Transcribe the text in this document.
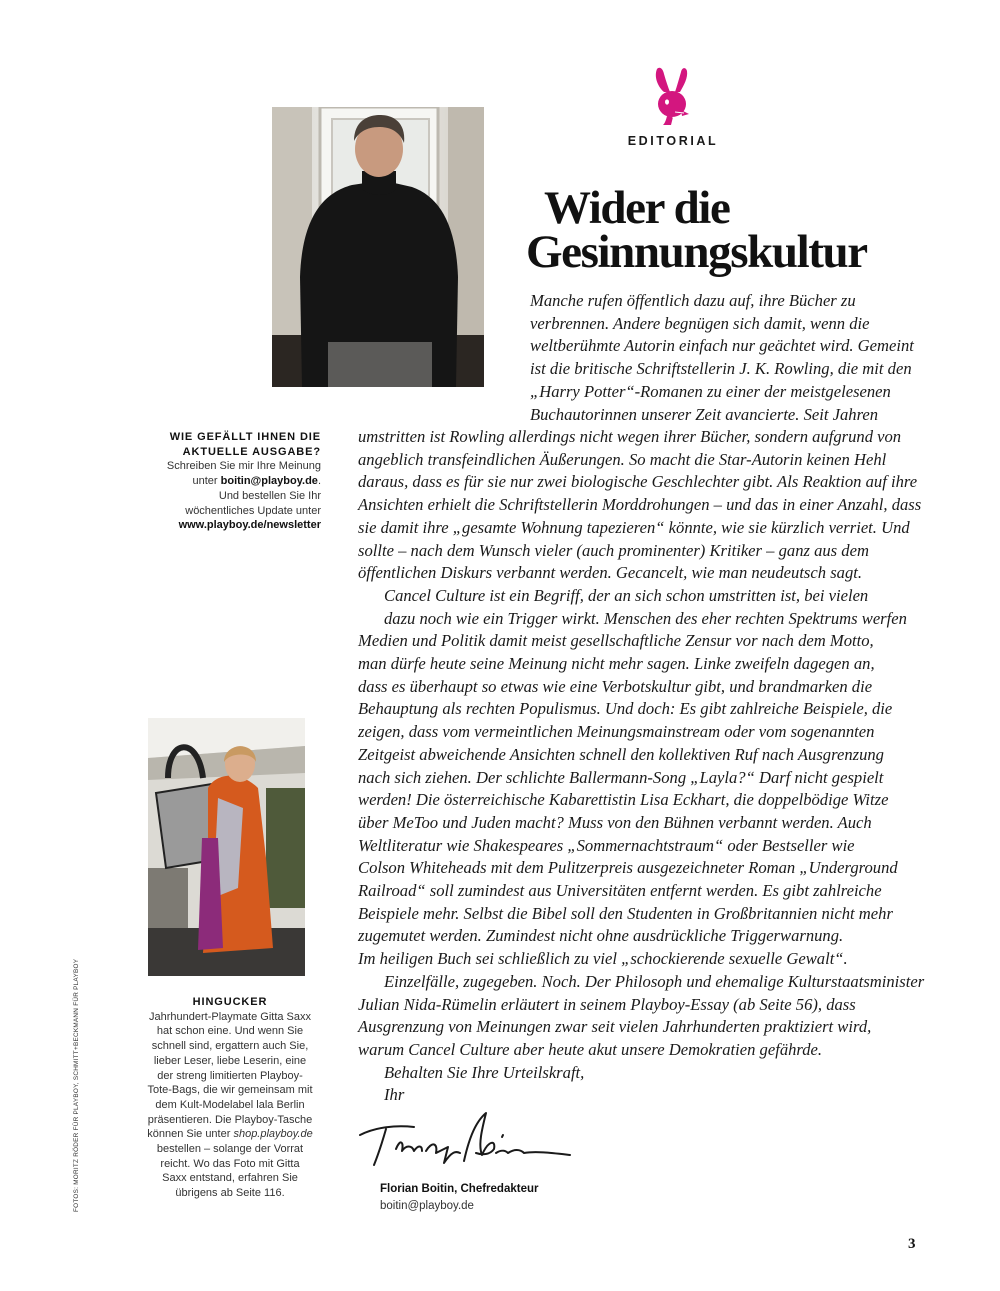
EDITORIAL
Wider die
Gesinnungskultur
WIE GEFÄLLT IHNEN DIE
AKTUELLE AUSGABE?
Schreiben Sie mir Ihre Meinung
unter boitin@playboy.de.
Und bestellen Sie Ihr
wöchentliches Update unter
www.playboy.de/newsletter
HINGUCKER
Jahrhundert-Playmate Gitta Saxx
hat schon eine. Und wenn Sie
schnell sind, ergattern auch Sie,
lieber Leser, liebe Leserin, eine
der streng limitierten Playboy-
Tote-Bags, die wir gemeinsam mit
dem Kult-Modelabel lala Berlin
präsentieren. Die Playboy-Tasche
können Sie unter shop.playboy.de
bestellen – solange der Vorrat
reicht. Wo das Foto mit Gitta
Saxx entstand, erfahren Sie
übrigens ab Seite 116.
FOTOS: MORITZ RÖDER FÜR PLAYBOY, SCHMITT+BECKMANN FÜR PLAYBOY
Manche rufen öffentlich dazu auf, ihre Bücher zu
verbrennen. Andere begnügen sich damit, wenn die
weltberühmte Autorin einfach nur geächtet wird. Gemeint
ist die britische Schriftstellerin J. K. Rowling, die mit den
„Harry Potter“-Romanen zu einer der meistgelesenen
Buchautorinnen unserer Zeit avancierte. Seit Jahren
umstritten ist Rowling allerdings nicht wegen ihrer Bücher, sondern aufgrund von
angeblich transfeindlichen Äußerungen. So macht die Star-Autorin keinen Hehl
daraus, dass es für sie nur zwei biologische Geschlechter gibt. Als Reaktion auf ihre
Ansichten erhielt die Schriftstellerin Morddrohungen – und das in einer Anzahl, dass
sie damit ihre „gesamte Wohnung tapezieren“ könnte, wie sie kürzlich verriet. Und
sollte – nach dem Wunsch vieler (auch prominenter) Kritiker – ganz aus dem
öffentlichen Diskurs verbannt werden. Gecancelt, wie man neudeutsch sagt.
Cancel Culture ist ein Begriff, der an sich schon umstritten ist, bei vielen
dazu noch wie ein Trigger wirkt. Menschen des eher rechten Spektrums werfen
Medien und Politik damit meist gesellschaftliche Zensur vor nach dem Motto,
man dürfe heute seine Meinung nicht mehr sagen. Linke zweifeln dagegen an,
dass es überhaupt so etwas wie eine Verbotskultur gibt, und brandmarken die
Behauptung als rechten Populismus. Und doch: Es gibt zahlreiche Beispiele, die
zeigen, dass vom vermeintlichen Meinungsmainstream oder vom sogenannten
Zeitgeist abweichende Ansichten schnell den kollektiven Ruf nach Ausgrenzung
nach sich ziehen. Der schlichte Ballermann-Song „Layla?“ Darf nicht gespielt
werden! Die österreichische Kabarettistin Lisa Eckhart, die doppelbödige Witze
über MeToo und Juden macht? Muss von den Bühnen verbannt werden. Auch
Weltliteratur wie Shakespeares „Sommernachtstraum“ oder Bestseller wie
Colson Whiteheads mit dem Pulitzerpreis ausgezeichneter Roman „Underground
Railroad“ soll zumindest aus Universitäten entfernt werden. Es gibt zahlreiche
Beispiele mehr. Selbst die Bibel soll den Studenten in Großbritannien nicht mehr
zugemutet werden. Zumindest nicht ohne ausdrückliche Triggerwarnung.
Im heiligen Buch sei schließlich zu viel „schockierende sexuelle Gewalt“.
Einzelfälle, zugegeben. Noch. Der Philosoph und ehemalige Kulturstaatsminister
Julian Nida-Rümelin erläutert in seinem Playboy-Essay (ab Seite 56), dass
Ausgrenzung von Meinungen zwar seit vielen Jahrhunderten praktiziert wird,
warum Cancel Culture aber heute akut unsere Demokratien gefährde.
Behalten Sie Ihre Urteilskraft,
Ihr
Florian Boitin, Chefredakteur
boitin@playboy.de
3
